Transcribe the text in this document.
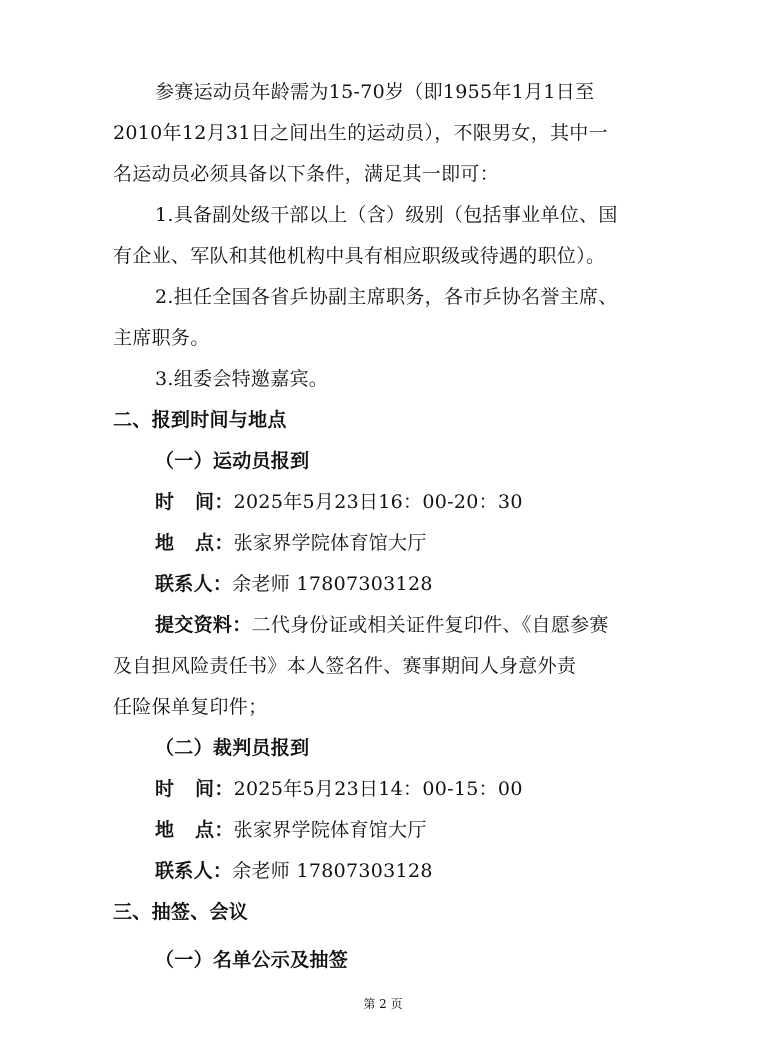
参赛运动员年龄需为15-70岁（即1955年1月1日至
2010年12月31日之间出生的运动员），不限男女，其中一
名运动员必须具备以下条件，满足其一即可：
1.具备副处级干部以上（含）级别（包括事业单位、国
有企业、军队和其他机构中具有相应职级或待遇的职位）。
2.担任全国各省乒协副主席职务，各市乒协名誉主席、
主席职务。
3.组委会特邀嘉宾。
二、报到时间与地点
（一）运动员报到
时   间：2025年5月23日16：00-20：30
地   点：张家界学院体育馆大厅
联系人：余老师 17807303128
提交资料：二代身份证或相关证件复印件、《自愿参赛
及自担风险责任书》本人签名件、赛事期间人身意外责
任险保单复印件；
（二）裁判员报到
时   间：2025年5月23日14：00-15：00
地   点：张家界学院体育馆大厅
联系人：余老师 17807303128
三、抽签、会议
（一）名单公示及抽签
第 2 页
